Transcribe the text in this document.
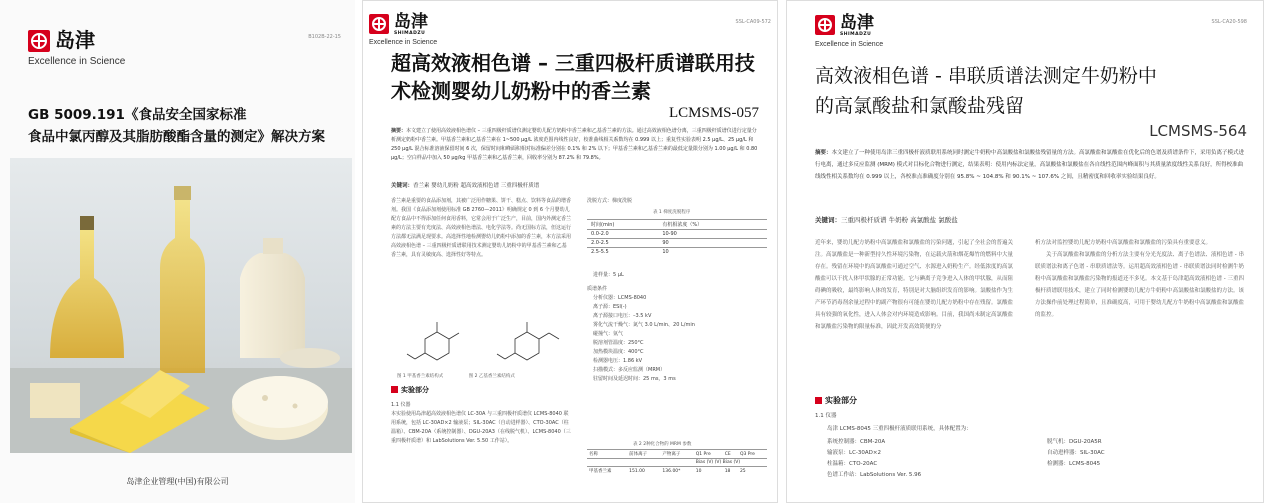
岛津
Excellence in Science
B102B-22-15
GB 5009.191《食品安全国家标准
食品中氯丙醇及其脂肪酸酯含量的测定》解决方案
岛津企业管理(中国)有限公司
岛津
SHIMADZU
Excellence in Science
SSL-CA09-572
超高效液相色谱 – 三重四极杆质谱联用技
术检测婴幼儿奶粉中的香兰素
LCMSMS-057
摘要：本文建立了使用高效液相色谱仪 – 三重四极杆质谱仪测定婴幼儿配方奶粉中香兰素和乙基香兰素的方法。通过高效液相色谱分离，三重四极杆质谱仪进行定量分析测定奶粉中香兰素。甲基香兰素和乙基香兰素在 1~500 μg/L 浓度范围内线性良好，校准曲线相关系数均在 0.999 以上；重复性实验表明 2.5 μg/L、25 μg/L 和 250 μg/L 混合标准溶液保留时间 6 次，保留时间和峰面积相对标准偏差分别在 0.1% 和 2% 以下；甲基香兰素和乙基香兰素的最低定量限分别为 1.00 μg/L 和 0.80 μg/L；空白样品中加入 50 μg/kg 甲基香兰素和乙基香兰素，回收率分别为 87.2% 和 79.8%。
关键词：香兰素 婴幼儿奶粉 超高效液相色谱 三重四极杆质谱
香兰素是重要的食品添加剂，其被广泛用作糖果、饼干、糕点、饮料等食品的增香剂。我国《食品添加剂使用标准 GB 2760—2011》明确规定 0 到 6 个月婴幼儿配方食品中不得添加任何食用香料，它常会用于广泛生产，目前，国内外测定香兰素的方法主要有光度法、高效液相色谱法、电化学法等。尚无国标方法，但这运行方法都无法满足现要求。高选择性地检测婴幼儿奶粉中添加的香兰素，本方法采用高效液相色谱 – 三重四极杆质谱联用技术测定婴幼儿奶粉中的甲基香兰素和乙基香兰素，具有灵敏度高、选择性好等特点。
图 1 甲基香兰素结构式	图 2 乙基香兰素结构式
实验部分
1.1 仪器
本实验使用岛津超高效液相色谱仪 LC-30A 与三重四极杆质谱仪 LCMS-8040 联用系统，包括 LC-30AD×2 输液泵；SIL-30AC（自动进样器）、CTO-30AC（柱温箱）、CBM-20A（系统控制器）、DGU-20A3（在线脱气机）、LCMS-8040（三重四极杆质谱）和 LabSolutions Ver. 5.50 工作站）。
洗脱方式：梯度洗脱
表 1 梯度洗脱程序
时间(min)	有机相浓度（%）
0.0-2.0	10-90
2.0-2.5	90
2.5-5.5	10
进样量：5 μL
质谱条件
分析仪器：LCMS-8040
离子源：ESI(-)
离子源接口电压：–3.5 kV
雾化气流干燥气：氮气 3.0 L/min、20 L/min
碰撞气：氩气
脱溶剂管温度：250°C
加热模块温度：400°C
检测器电压：1.86 kV
扫描模式：多反应监测（MRM）
驻留时间及延迟时间：25 ms，3 ms
表 2 2种化合物的 MRM 参数
名称	前体离子	产物离子	Q1 Pre	CE	Q3 Pre
			Bias (V) (V) Bias (V)		
甲基香兰素	151.00	136.00*	10	18	25
岛津
SHIMADZU
Excellence in Science
SSL-CA20-598
高效液相色谱 - 串联质谱法测定牛奶粉中
的高氯酸盐和氯酸盐残留
LCMSMS-564
摘要：本文建立了一种使用岛津三重四极杆液质联用系统同时测定牛奶粉中高氯酸盐和氯酸盐残留量的方法。高氯酸盐和氯酸盐在优化后的色谱及质谱条件下，采用负离子模式进行电离，通过多反应监测 (MRM) 模式对目标化合物进行测定，结果表明：使用内标法定量，高氯酸盐和氯酸盐在各自线性范围内峰面积与其质量浓度线性关系良好，所得校准曲线线性相关系数均在 0.999 以上，各校准点准确度分别在 95.8% ~ 104.8% 和 90.1% ~ 107.6% 之间，且精密度和回收率实验结果良好。
关键词：三重四极杆质谱 牛奶粉 高氯酸盐 氯酸盐
近年来，婴幼儿配方奶粉中高氯酸盐和氯酸盐的污染问题，引起了全社会的普遍关注。高氯酸盐是一种新型持久性环境污染物，在运载火箭和烟花爆竹的燃料中大量存在。残留在环境中的高氯酸盐可通过空气、水源进入奶粉生产。经低浓度的高氯酸盐可以干扰人体甲状腺的正常功能。它与碘离子竞争进入人体的甲状腺，从而阻碍碘的吸收，最终影响人体的发育，特别是对大脑组织发育的影响。氯酸盐作为生产环节消毒剂余量过程中的副产物很有可能在婴幼儿配方奶粉中存在残留。氯酸盐具有较强的氧化性，进入人体会对内环境造成影响。目前，我国尚未制定高氯酸盐和氯酸盐污染物的限量标准，因此开发高效简便的分
析方法对监控婴幼儿配方奶粉中高氯酸盐和氯酸盐的污染具有重要意义。
关于高氯酸盐和氯酸盐的分析方法主要有分光光度法、离子色谱法、液相色谱 - 串联质谱法和离子色谱 - 串联质谱法等。运用超高效液相色谱 - 串联质谱法同时检测牛奶粉中高氯酸盐和氯酸盐污染物的报道还不多见。本文基于岛津超高效液相色谱 - 三重四极杆质谱联用技术，建立了同时检测婴幼儿配方牛奶粉中高氯酸盐和氯酸盐的方法。该方法操作前处理过程简单，且准确度高，可用于婴幼儿配方牛奶粉中高氯酸盐和氯酸盐的监控。
实验部分
1.1 仪器
岛津 LCMS-8045 三重四极杆液质联用系统，具体配置为：
系统控制器：CBM-20A	脱气机：DGU-20A5R
输液泵：LC-30AD×2	自动进样器：SIL-30AC
柱温箱：CTO-20AC	检测器：LCMS-8045
色谱工作站：LabSolutions Ver. 5.96
